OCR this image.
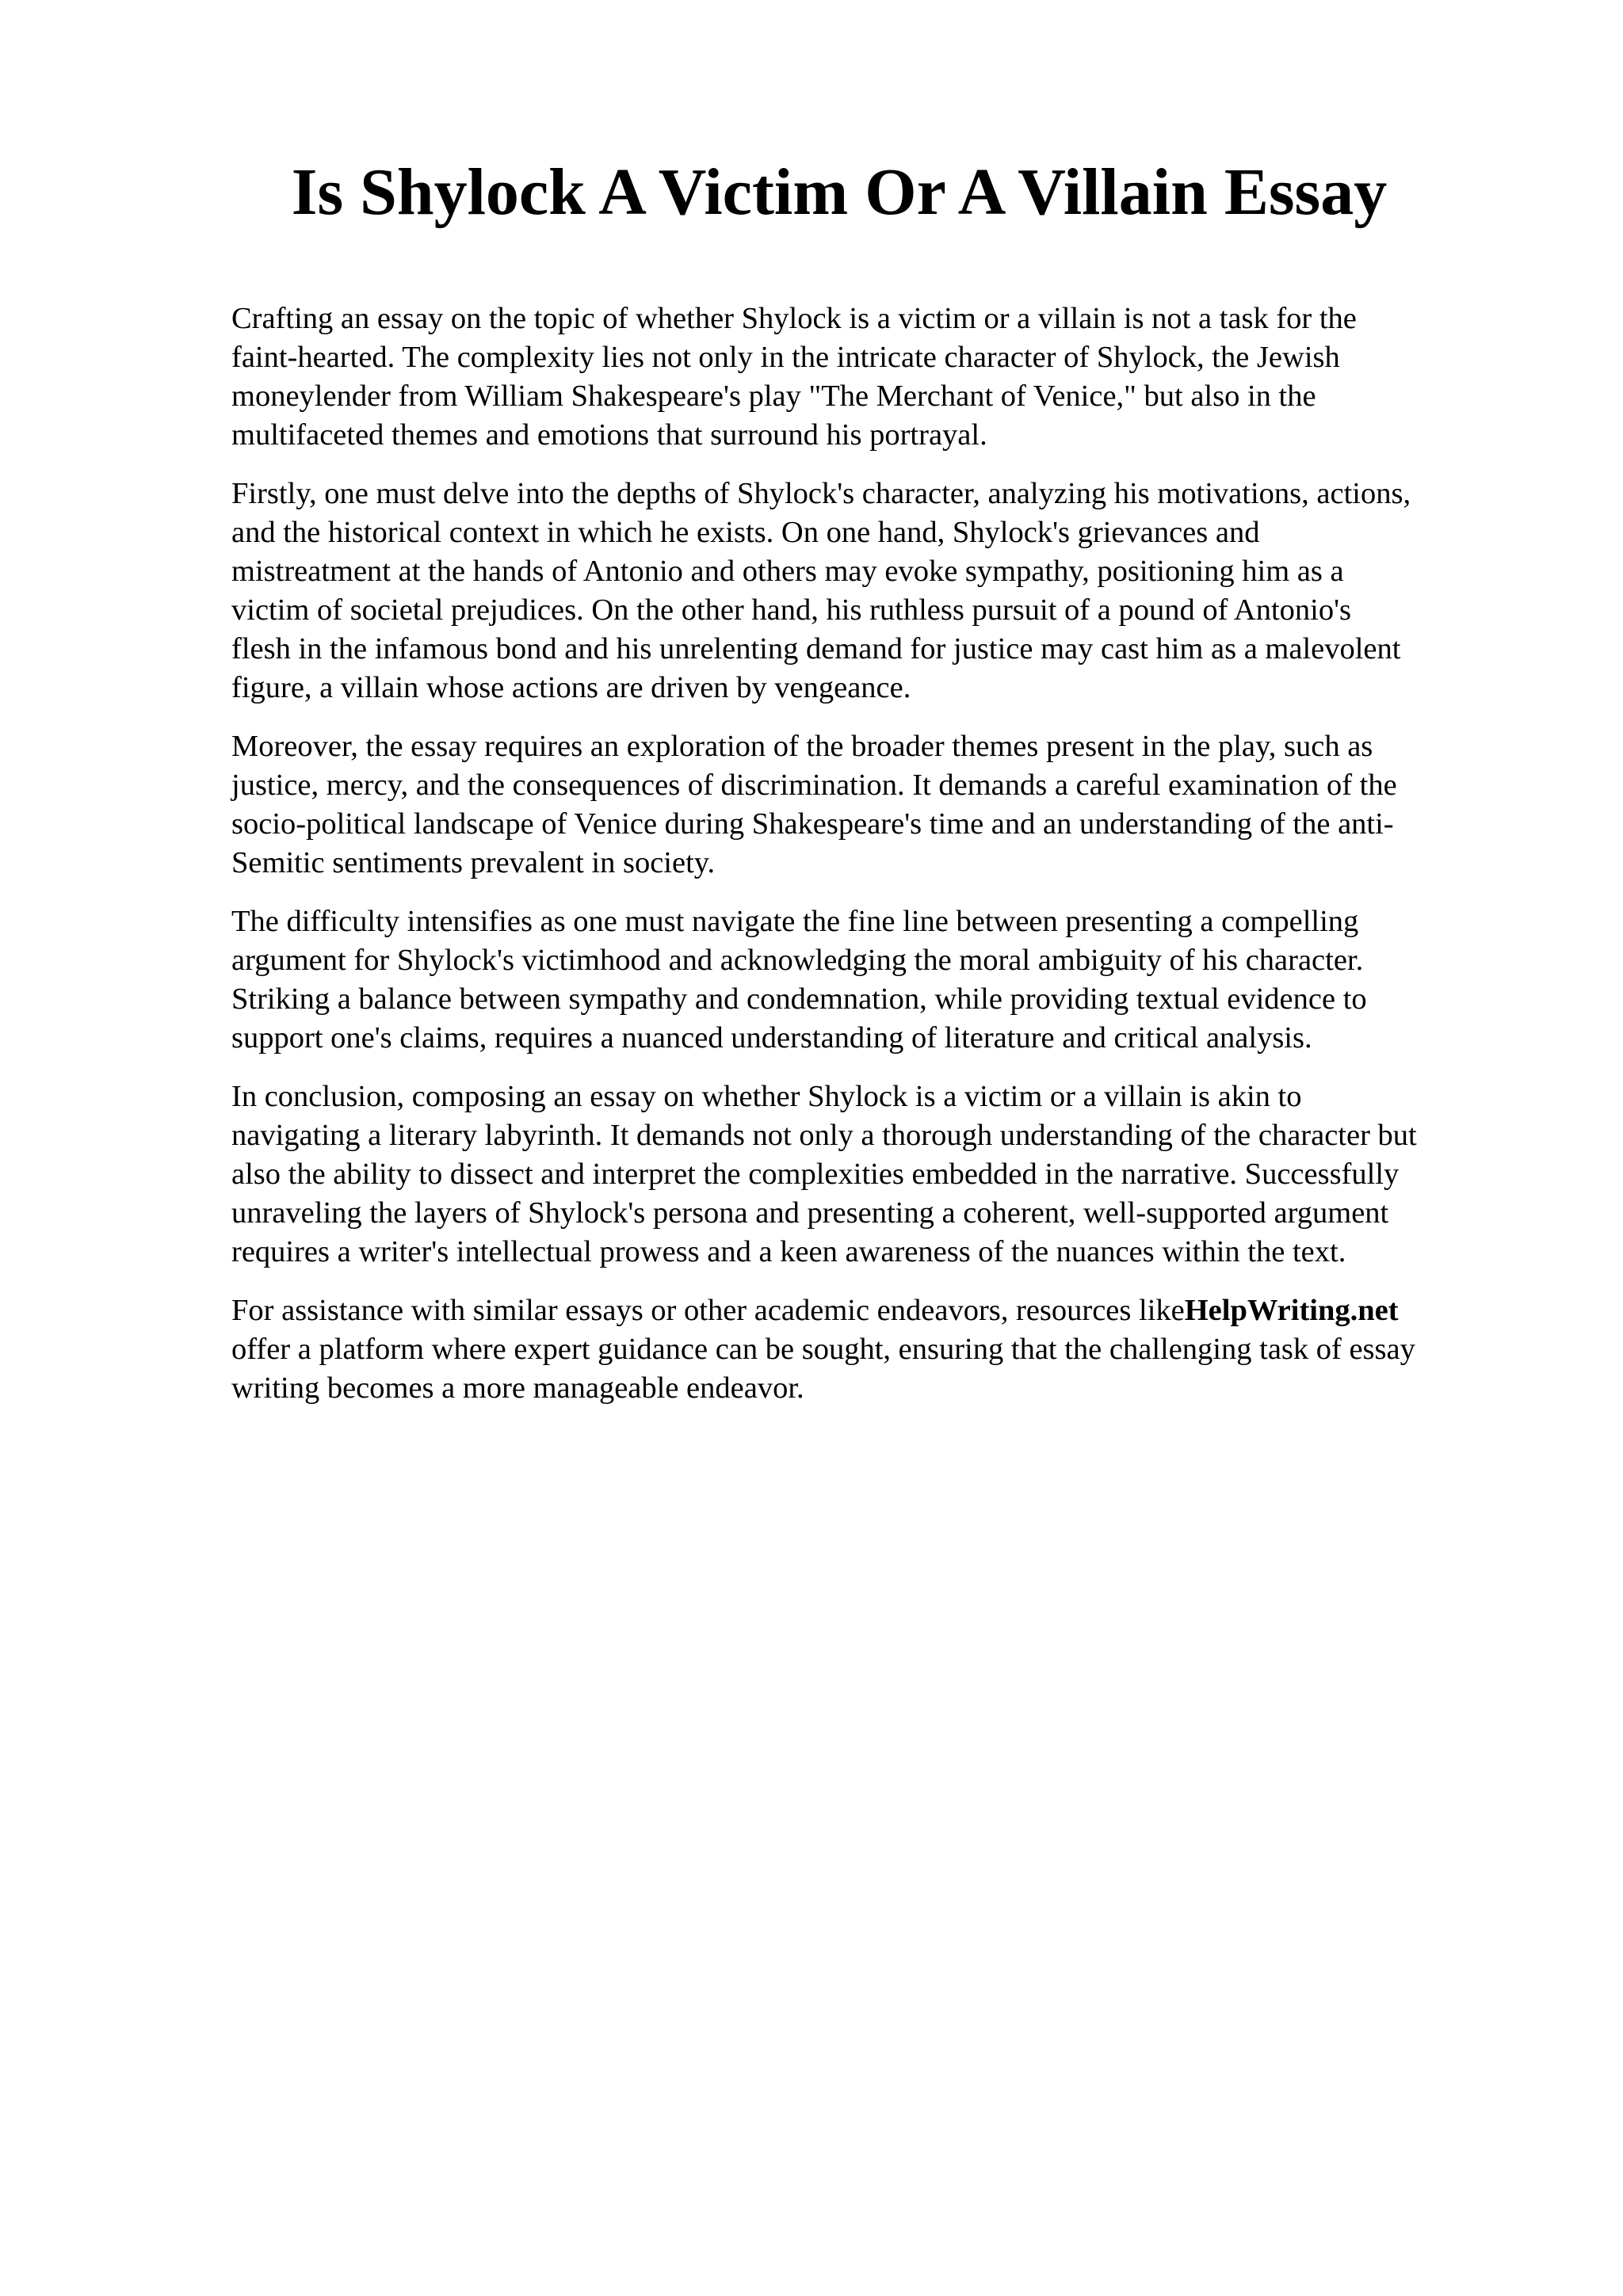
Is Shylock A Victim Or A Villain Essay

Crafting an essay on the topic of whether Shylock is a victim or a villain is not a task for the
faint-hearted. The complexity lies not only in the intricate character of Shylock, the Jewish
moneylender from William Shakespeare's play "The Merchant of Venice," but also in the
multifaceted themes and emotions that surround his portrayal.

Firstly, one must delve into the depths of Shylock's character, analyzing his motivations, actions,
and the historical context in which he exists. On one hand, Shylock's grievances and
mistreatment at the hands of Antonio and others may evoke sympathy, positioning him as a
victim of societal prejudices. On the other hand, his ruthless pursuit of a pound of Antonio's
flesh in the infamous bond and his unrelenting demand for justice may cast him as a malevolent
figure, a villain whose actions are driven by vengeance.

Moreover, the essay requires an exploration of the broader themes present in the play, such as
justice, mercy, and the consequences of discrimination. It demands a careful examination of the
socio-political landscape of Venice during Shakespeare's time and an understanding of the anti-
Semitic sentiments prevalent in society.

The difficulty intensifies as one must navigate the fine line between presenting a compelling
argument for Shylock's victimhood and acknowledging the moral ambiguity of his character.
Striking a balance between sympathy and condemnation, while providing textual evidence to
support one's claims, requires a nuanced understanding of literature and critical analysis.

In conclusion, composing an essay on whether Shylock is a victim or a villain is akin to
navigating a literary labyrinth. It demands not only a thorough understanding of the character but
also the ability to dissect and interpret the complexities embedded in the narrative. Successfully
unraveling the layers of Shylock's persona and presenting a coherent, well-supported argument
requires a writer's intellectual prowess and a keen awareness of the nuances within the text.

For assistance with similar essays or other academic endeavors, resources likeHelpWriting.net
offer a platform where expert guidance can be sought, ensuring that the challenging task of essay
writing becomes a more manageable endeavor.
